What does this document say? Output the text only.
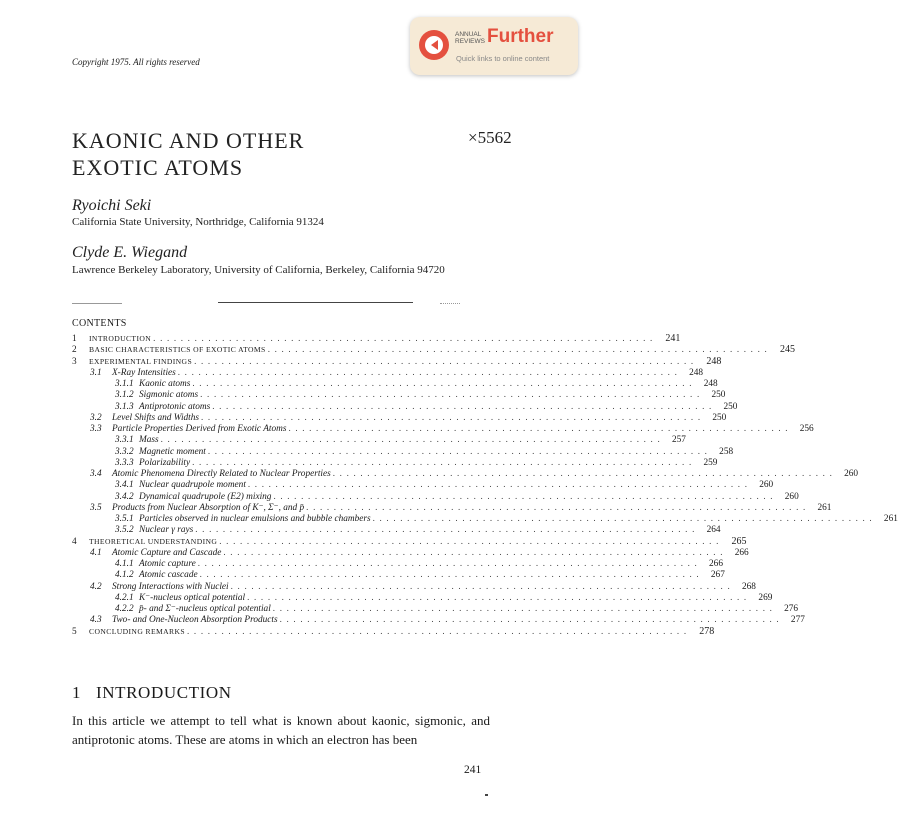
Copyright 1975. All rights reserved
ANNUAL
REVIEWS Further
Quick links to online content
KAONIC AND OTHER
EXOTIC ATOMS
×5562
Ryoichi Seki
California State University, Northridge, California 91324
Clyde E. Wiegand
Lawrence Berkeley Laboratory, University of California, Berkeley, California 94720
CONTENTS
1	INTRODUCTION . . . . . . . . . . . . . . . . . . . . . . . . . . . . . . . . . . . . . . . . . . . . . . . . . . . . . . . . . . . . . . . . . . . . . . . . .	241
2	BASIC CHARACTERISTICS OF EXOTIC ATOMS . . . . . . . . . . . . . . . . . . . . . . . . . . . . . . . . . . . . . . . . . . . . . . . . . . . . . . . . . . . . . . . . . . . . . . . . .	245
3	EXPERIMENTAL FINDINGS . . . . . . . . . . . . . . . . . . . . . . . . . . . . . . . . . . . . . . . . . . . . . . . . . . . . . . . . . . . . . . . . . . . . . . . . .	248
3.1	X-Ray Intensities . . . . . . . . . . . . . . . . . . . . . . . . . . . . . . . . . . . . . . . . . . . . . . . . . . . . . . . . . . . . . . . . . . . . . . . . .	248
3.1.1 Kaonic atoms . . . . . . . . . . . . . . . . . . . . . . . . . . . . . . . . . . . . . . . . . . . . . . . . . . . . . . . . . . . . . . . . . . . . . . . . .	248
3.1.2 Sigmonic atoms . . . . . . . . . . . . . . . . . . . . . . . . . . . . . . . . . . . . . . . . . . . . . . . . . . . . . . . . . . . . . . . . . . . . . . . . .	250
3.1.3 Antiprotonic atoms . . . . . . . . . . . . . . . . . . . . . . . . . . . . . . . . . . . . . . . . . . . . . . . . . . . . . . . . . . . . . . . . . . . . . . . . .	250
3.2	Level Shifts and Widths . . . . . . . . . . . . . . . . . . . . . . . . . . . . . . . . . . . . . . . . . . . . . . . . . . . . . . . . . . . . . . . . . . . . . . . . .	250
3.3	Particle Properties Derived from Exotic Atoms . . . . . . . . . . . . . . . . . . . . . . . . . . . . . . . . . . . . . . . . . . . . . . . . . . . . . . . . . . . . . . . . . . . . . . . . .	256
3.3.1 Mass . . . . . . . . . . . . . . . . . . . . . . . . . . . . . . . . . . . . . . . . . . . . . . . . . . . . . . . . . . . . . . . . . . . . . . . . .	257
3.3.2 Magnetic moment . . . . . . . . . . . . . . . . . . . . . . . . . . . . . . . . . . . . . . . . . . . . . . . . . . . . . . . . . . . . . . . . . . . . . . . . .	258
3.3.3 Polarizability . . . . . . . . . . . . . . . . . . . . . . . . . . . . . . . . . . . . . . . . . . . . . . . . . . . . . . . . . . . . . . . . . . . . . . . . .	259
3.4	Atomic Phenomena Directly Related to Nuclear Properties . . . . . . . . . . . . . . . . . . . . . . . . . . . . . . . . . . . . . . . . . . . . . . . . . . . . . . . . . . . . . . . . . . . . . . . . .	260
3.4.1 Nuclear quadrupole moment . . . . . . . . . . . . . . . . . . . . . . . . . . . . . . . . . . . . . . . . . . . . . . . . . . . . . . . . . . . . . . . . . . . . . . . . .	260
3.4.2 Dynamical quadrupole (E2) mixing . . . . . . . . . . . . . . . . . . . . . . . . . . . . . . . . . . . . . . . . . . . . . . . . . . . . . . . . . . . . . . . . . . . . . . . . .	260
3.5	Products from Nuclear Absorption of K⁻, Σ⁻, and p̄ . . . . . . . . . . . . . . . . . . . . . . . . . . . . . . . . . . . . . . . . . . . . . . . . . . . . . . . . . . . . . . . . . . . . . . . . .	261
3.5.1 Particles observed in nuclear emulsions and bubble chambers . . . . . . . . . . . . . . . . . . . . . . . . . . . . . . . . . . . . . . . . . . . . . . . . . . . . . . . . . . . . . . . . . . . . . . . . .	261
3.5.2 Nuclear γ rays . . . . . . . . . . . . . . . . . . . . . . . . . . . . . . . . . . . . . . . . . . . . . . . . . . . . . . . . . . . . . . . . . . . . . . . . .	264
4	THEORETICAL UNDERSTANDING . . . . . . . . . . . . . . . . . . . . . . . . . . . . . . . . . . . . . . . . . . . . . . . . . . . . . . . . . . . . . . . . . . . . . . . . .	265
4.1	Atomic Capture and Cascade . . . . . . . . . . . . . . . . . . . . . . . . . . . . . . . . . . . . . . . . . . . . . . . . . . . . . . . . . . . . . . . . . . . . . . . . .	266
4.1.1 Atomic capture . . . . . . . . . . . . . . . . . . . . . . . . . . . . . . . . . . . . . . . . . . . . . . . . . . . . . . . . . . . . . . . . . . . . . . . . .	266
4.1.2 Atomic cascade . . . . . . . . . . . . . . . . . . . . . . . . . . . . . . . . . . . . . . . . . . . . . . . . . . . . . . . . . . . . . . . . . . . . . . . . .	267
4.2	Strong Interactions with Nuclei . . . . . . . . . . . . . . . . . . . . . . . . . . . . . . . . . . . . . . . . . . . . . . . . . . . . . . . . . . . . . . . . . . . . . . . . .	268
4.2.1 K⁻-nucleus optical potential . . . . . . . . . . . . . . . . . . . . . . . . . . . . . . . . . . . . . . . . . . . . . . . . . . . . . . . . . . . . . . . . . . . . . . . . .	269
4.2.2 p̄- and Σ⁻-nucleus optical potential . . . . . . . . . . . . . . . . . . . . . . . . . . . . . . . . . . . . . . . . . . . . . . . . . . . . . . . . . . . . . . . . . . . . . . . . .	276
4.3	Two- and One-Nucleon Absorption Products . . . . . . . . . . . . . . . . . . . . . . . . . . . . . . . . . . . . . . . . . . . . . . . . . . . . . . . . . . . . . . . . . . . . . . . . .	277
5	CONCLUDING REMARKS . . . . . . . . . . . . . . . . . . . . . . . . . . . . . . . . . . . . . . . . . . . . . . . . . . . . . . . . . . . . . . . . . . . . . . . . .	278
1 INTRODUCTION
In this article we attempt to tell what is known about kaonic, sigmonic, and antiprotonic atoms. These are atoms in which an electron has been
241
